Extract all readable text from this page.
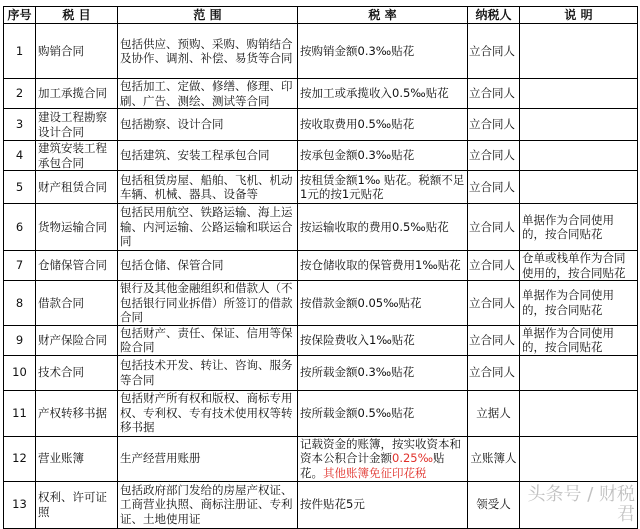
序号	税 目	范 围	税 率	纳税人	说 明
1	购销合同	包括供应、预购、采购、购销结合及协作、调剂、补偿、易货等合同	按购销金额0.3‰贴花	立合同人	
2	加工承揽合同	包括加工、定做、修缮、修理、印刷、广告、测绘、测试等合同	按加工或承揽收入0.5‰贴花	立合同人	
3	建设工程勘察设计合同	包括勘察、设计合同	按收取费用0.5‰贴花	立合同人	
4	建筑安装工程承包合同	包括建筑、安装工程承包合同	按承包金额0.3‰贴花	立合同人	
5	财产租赁合同	包括租赁房屋、船舶、飞机、机动车辆、机械、器具、设备等	按租赁金额1‰ 贴花。税额不足1元的按1元贴花	立合同人	
6	货物运输合同	包括民用航空、铁路运输、海上运输、内河运输、公路运输和联运合同	按运输收取的费用0.5‰贴花	立合同人	单据作为合同使用的，按合同贴花
7	仓储保管合同	包括仓储、保管合同	按仓储收取的保管费用1‰贴花	立合同人	仓单或栈单作为合同使用的，按合同贴花
8	借款合同	银行及其他金融组织和借款人（不包括银行同业拆借）所签订的借款合同	按借款金额0.05‰贴花	立合同人	单据作为合同使用的，按合同贴花
9	财产保险合同	包括财产、责任、保证、信用等保险合同	按保险费收入1‰贴花	立合同人	单据作为合同使用的，按合同贴花
10	技术合同	包括技术开发、转让、咨询、服务等合同	按所载金额0.3‰贴花	立合同人	
11	产权转移书据	包括财产所有权和版权、商标专用权、专利权、专有技术使用权等转移书据	按所载金额0.5‰贴花	立据人	
12	营业账簿	生产经营用账册	记载资金的账簿，按实收资本和资本公积合计金额0.25‰贴花。其他账簿免征印花税	立账簿人	
13	权利、许可证照	包括政府部门发给的房屋产权证、工商营业执照、商标注册证、专利证、土地使用证	按件贴花5元	领受人	头条号 / 财税君
